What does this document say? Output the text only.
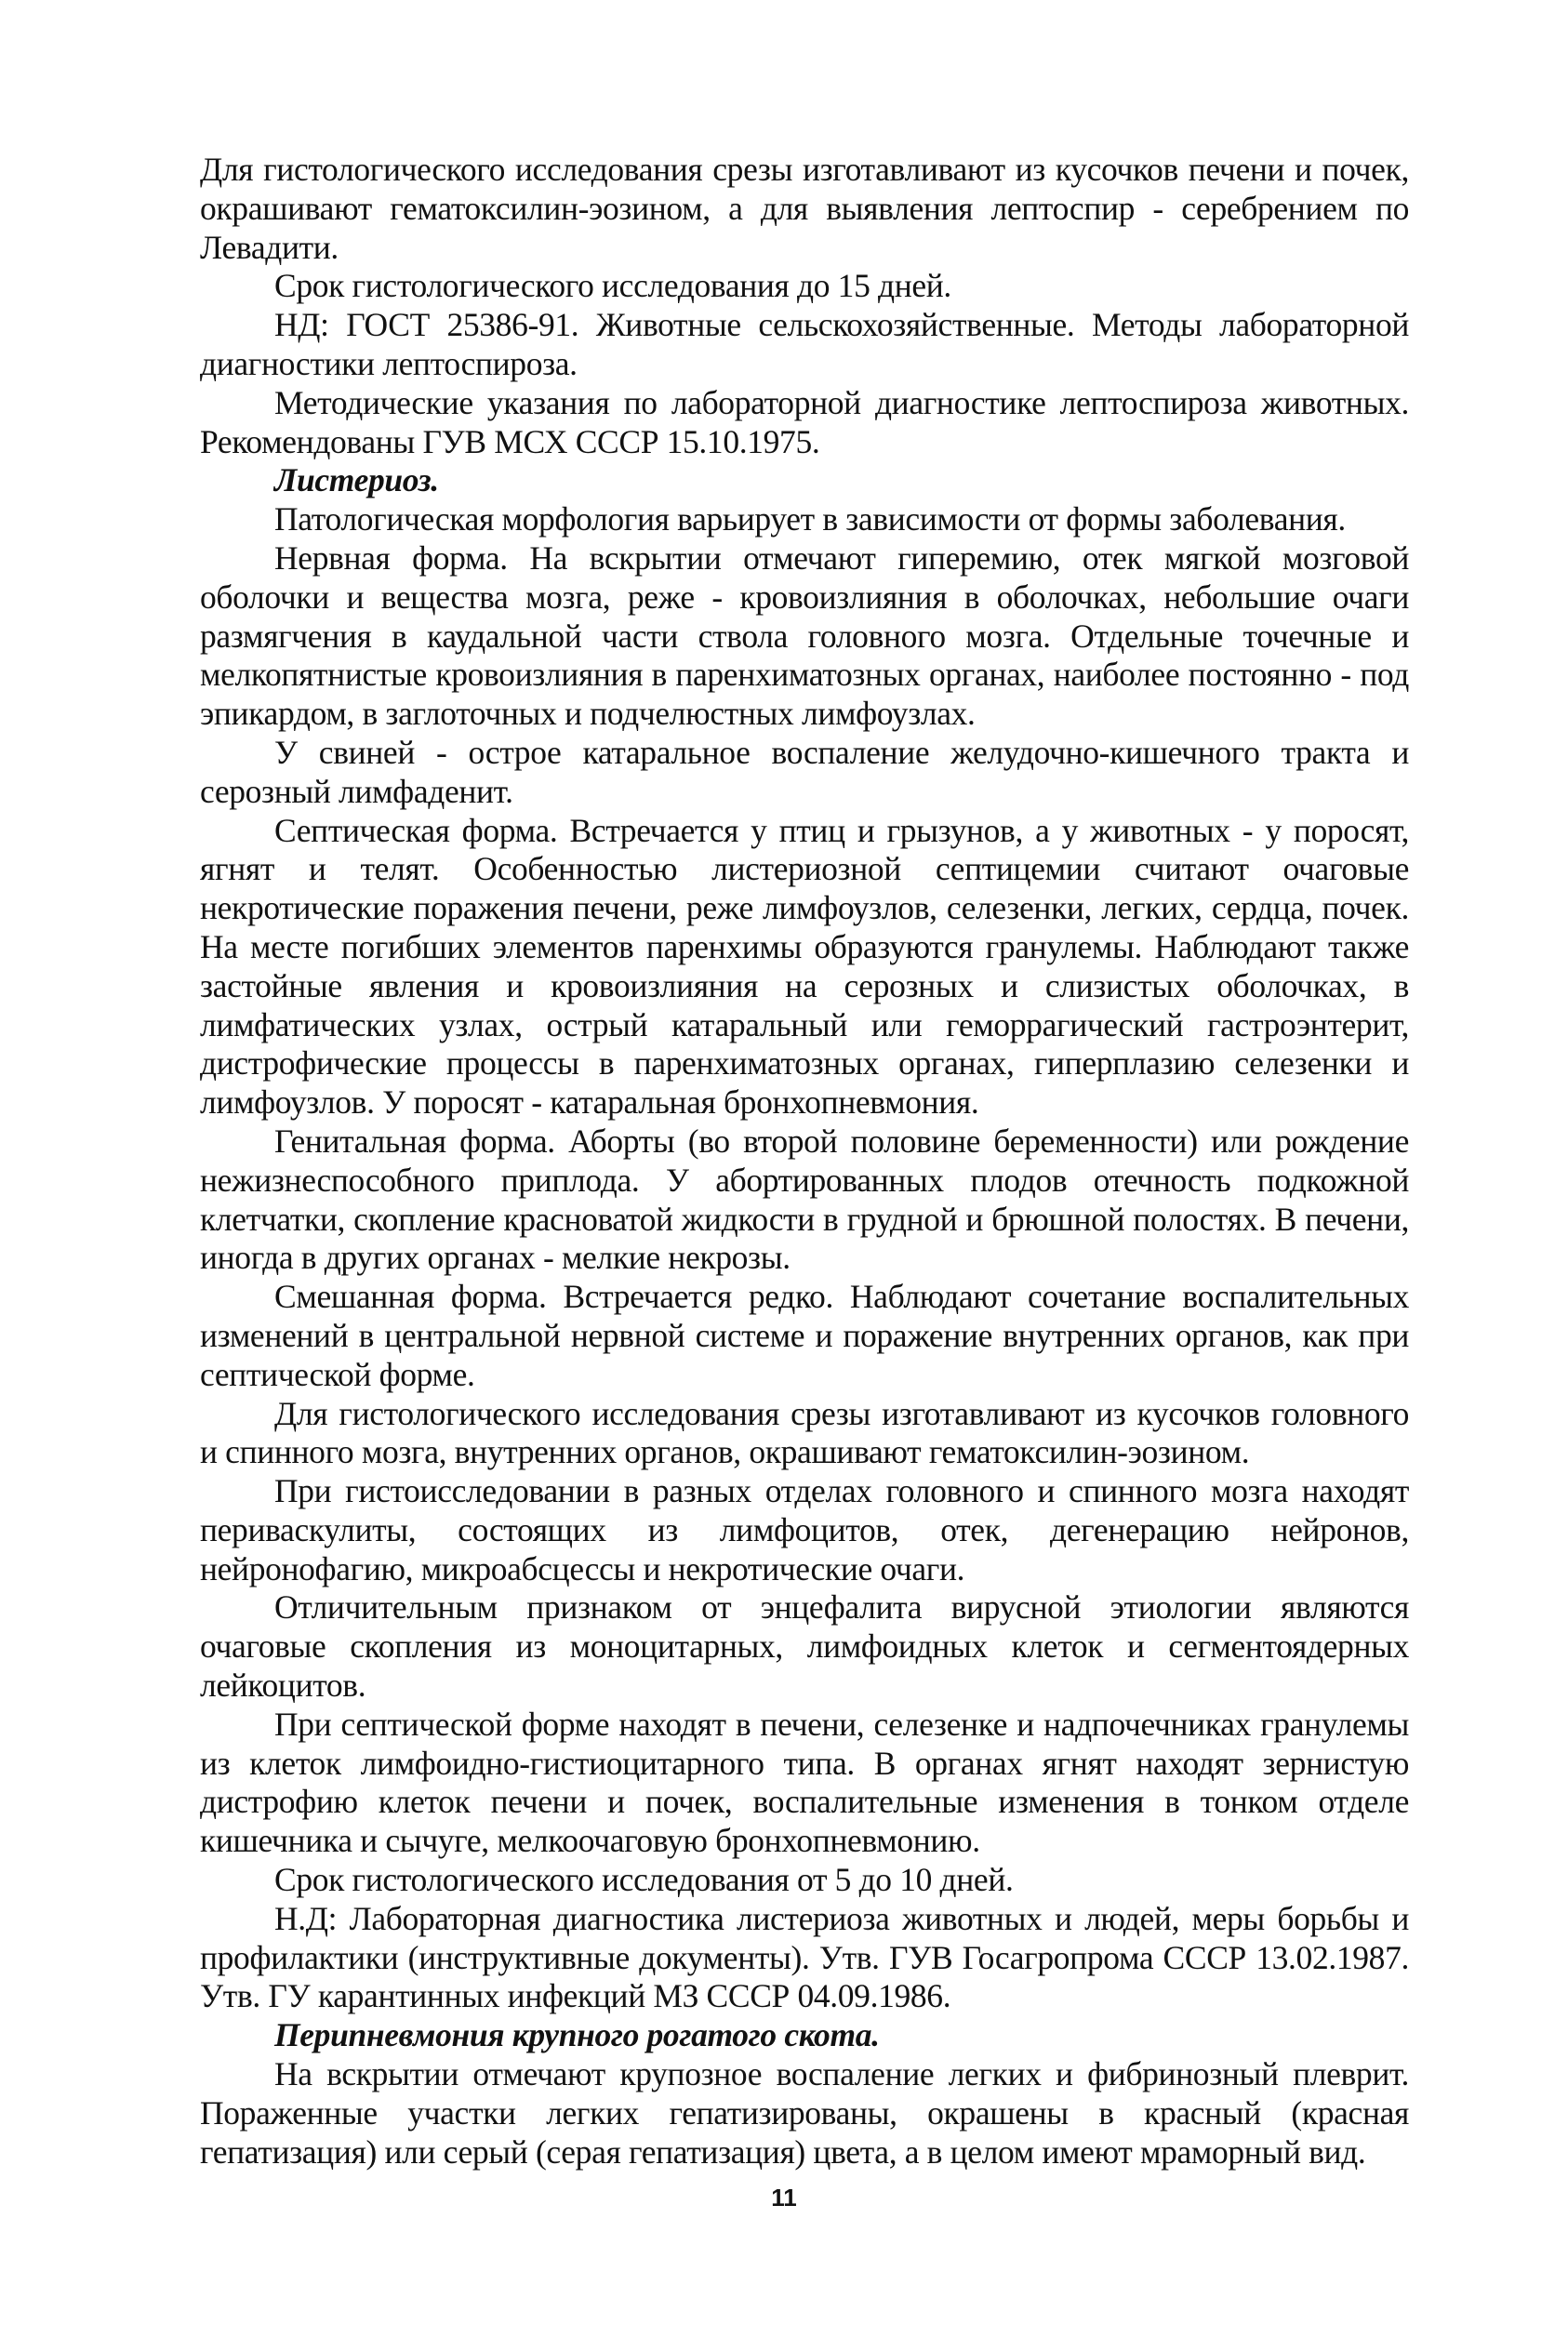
Для гистологического исследования срезы изготавливают из кусочков печени и почек, окрашивают гематоксилин-эозином, а для выявления лептоспир - серебрением по Левадити.

Срок гистологического исследования до 15 дней.

НД: ГОСТ 25386-91. Животные сельскохозяйственные. Методы лабораторной диагностики лептоспироза.

Методические указания по лабораторной диагностике лептоспироза животных. Рекомендованы ГУВ МСХ СССР 15.10.1975.

Листериоз.

Патологическая морфология варьирует в зависимости от формы заболевания.

Нервная форма. На вскрытии отмечают гиперемию, отек мягкой мозговой оболочки и вещества мозга, реже - кровоизлияния в оболочках, небольшие очаги размягчения в каудальной части ствола головного мозга. Отдельные точечные и мелкопятнистые кровоизлияния в паренхиматозных органах, наиболее постоянно - под эпикардом, в заглоточных и подчелюстных лимфоузлах.

У свиней - острое катаральное воспаление желудочно-кишечного тракта и серозный лимфаденит.

Септическая форма. Встречается у птиц и грызунов, а у животных - у поросят, ягнят и телят. Особенностью листериозной септицемии считают очаговые некротические поражения печени, реже лимфоузлов, селезенки, легких, сердца, почек. На месте погибших элементов паренхимы образуются гранулемы. Наблюдают также застойные явления и кровоизлияния на серозных и слизистых оболочках, в лимфатических узлах, острый катаральный или геморрагический гастроэнтерит, дистрофические процессы в паренхиматозных органах, гиперплазию селезенки и лимфоузлов. У поросят - катаральная бронхопневмония.

Генитальная форма. Аборты (во второй половине беременности) или рождение нежизнеспособного приплода. У абортированных плодов отечность подкожной клетчатки, скопление красноватой жидкости в грудной и брюшной полостях. В печени, иногда в других органах - мелкие некрозы.

Смешанная форма. Встречается редко. Наблюдают сочетание воспалительных изменений в центральной нервной системе и поражение внутренних органов, как при септической форме.

Для гистологического исследования срезы изготавливают из кусочков головного и спинного мозга, внутренних органов, окрашивают гематоксилин-эозином.

При гистоисследовании в разных отделах головного и спинного мозга находят периваскулиты, состоящих из лимфоцитов, отек, дегенерацию нейронов, нейронофагию, микроабсцессы и некротические очаги.

Отличительным признаком от энцефалита вирусной этиологии являются очаговые скопления из моноцитарных, лимфоидных клеток и сегментоядерных лейкоцитов.

При септической форме находят в печени, селезенке и надпочечниках гранулемы из клеток лимфоидно-гистиоцитарного типа. В органах ягнят находят зернистую дистрофию клеток печени и почек, воспалительные изменения в тонком отделе кишечника и сычуге, мелкоочаговую бронхопневмонию.

Срок гистологического исследования от 5 до 10 дней.

Н.Д: Лабораторная диагностика листериоза животных и людей, меры борьбы и профилактики (инструктивные документы). Утв. ГУВ Госагропрома СССР 13.02.1987. Утв. ГУ карантинных инфекций МЗ СССР 04.09.1986.

Перипневмония крупного рогатого скота.

На вскрытии отмечают крупозное воспаление легких и фибринозный плеврит. Пораженные участки легких гепатизированы, окрашены в красный (красная гепатизация) или серый (серая гепатизация) цвета, а в целом имеют мраморный вид.

11
